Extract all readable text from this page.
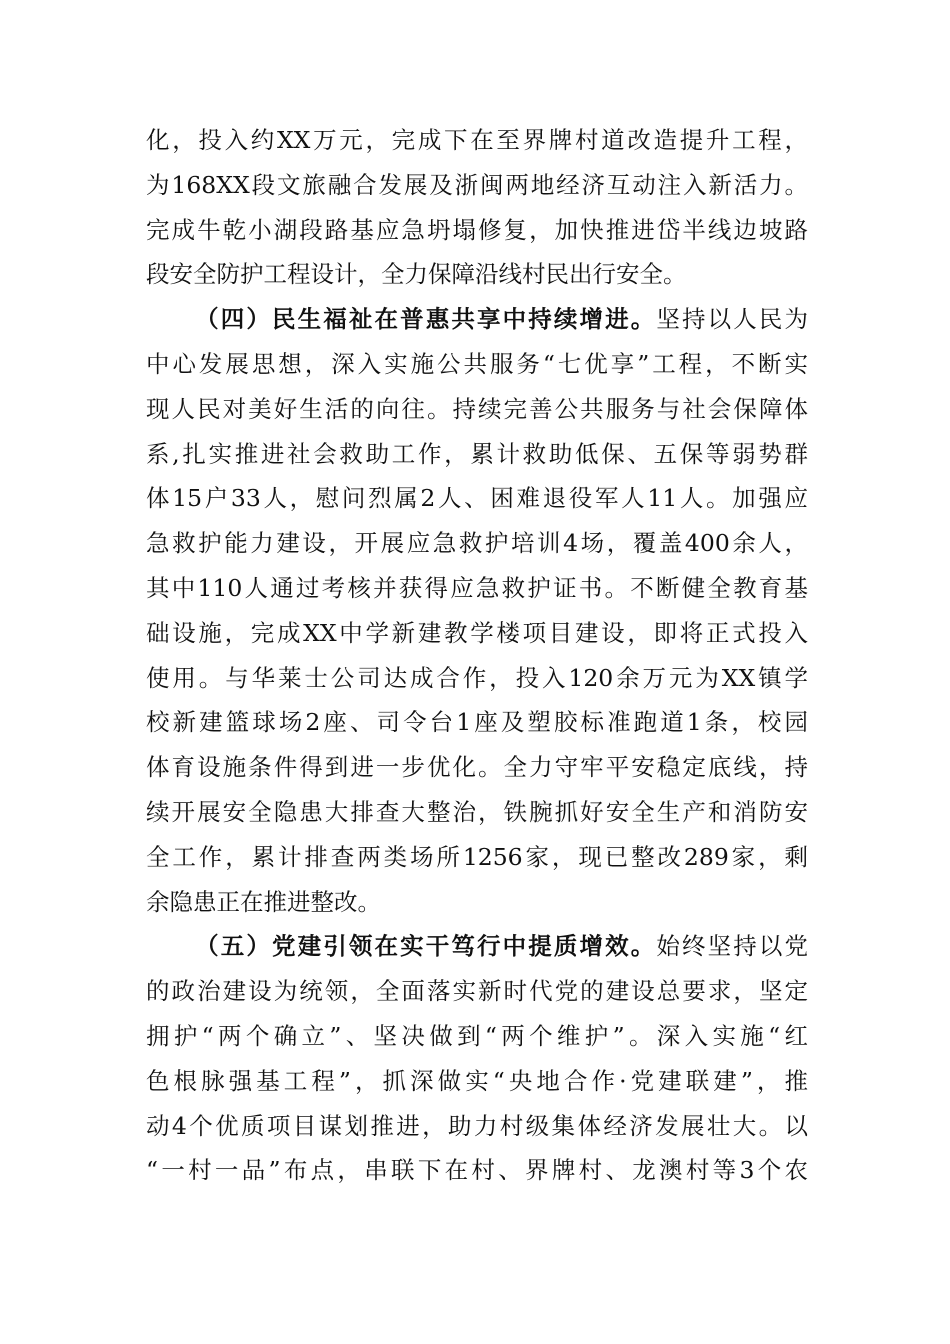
化，投入约XX万元，完成下在至界牌村道改造提升工程，
为168XX段文旅融合发展及浙闽两地经济互动注入新活力。
完成牛乾小湖段路基应急坍塌修复，加快推进岱半线边坡路
段安全防护工程设计，全力保障沿线村民出行安全。
（四）民生福祉在普惠共享中持续增进。坚持以人民为
中心发展思想，深入实施公共服务“七优享”工程，不断实
现人民对美好生活的向往。持续完善公共服务与社会保障体
系,扎实推进社会救助工作，累计救助低保、五保等弱势群
体15户33人，慰问烈属2人、困难退役军人11人。加强应
急救护能力建设，开展应急救护培训4场，覆盖400余人，
其中110人通过考核并获得应急救护证书。不断健全教育基
础设施，完成XX中学新建教学楼项目建设，即将正式投入
使用。与华莱士公司达成合作，投入120余万元为XX镇学
校新建篮球场2座、司令台1座及塑胶标准跑道1条，校园
体育设施条件得到进一步优化。全力守牢平安稳定底线，持
续开展安全隐患大排查大整治，铁腕抓好安全生产和消防安
全工作，累计排查两类场所1256家，现已整改289家，剩
余隐患正在推进整改。
（五）党建引领在实干笃行中提质增效。始终坚持以党
的政治建设为统领，全面落实新时代党的建设总要求，坚定
拥护“两个确立”、坚决做到“两个维护”。深入实施“红
色根脉强基工程”，抓深做实“央地合作·党建联建”，推
动4个优质项目谋划推进，助力村级集体经济发展壮大。以
“一村一品”布点，串联下在村、界牌村、龙澳村等3个农
